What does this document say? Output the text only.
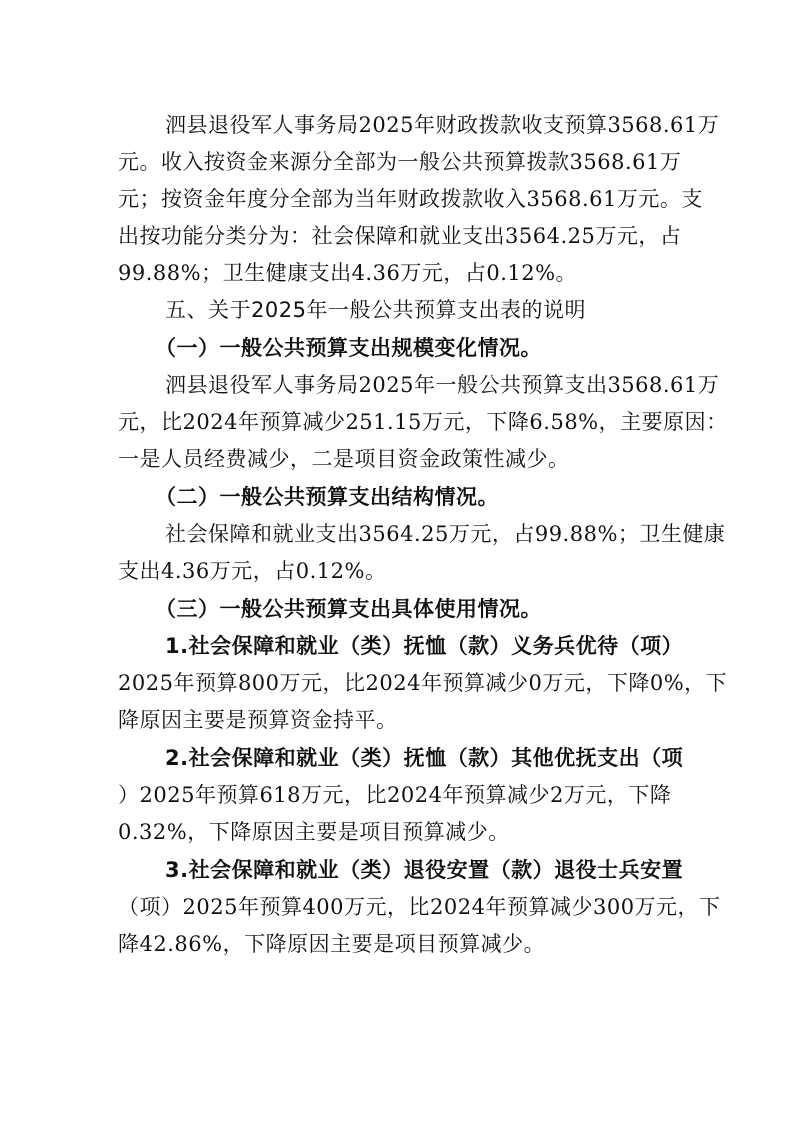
泗县退役军人事务局2025年财政拨款收支预算3568.61万
元。收入按资金来源分全部为一般公共预算拨款3568.61万
元；按资金年度分全部为当年财政拨款收入3568.61万元。支
出按功能分类分为：社会保障和就业支出3564.25万元，占
99.88%；卫生健康支出4.36万元，占0.12%。
五、关于2025年一般公共预算支出表的说明
（一）一般公共预算支出规模变化情况。
泗县退役军人事务局2025年一般公共预算支出3568.61万
元，比2024年预算减少251.15万元，下降6.58%，主要原因：
一是人员经费减少，二是项目资金政策性减少。
（二）一般公共预算支出结构情况。
社会保障和就业支出3564.25万元，占99.88%；卫生健康
支出4.36万元，占0.12%。
（三）一般公共预算支出具体使用情况。
1.社会保障和就业（类）抚恤（款）义务兵优待（项）
2025年预算800万元，比2024年预算减少0万元，下降0%，下
降原因主要是预算资金持平。
2.社会保障和就业（类）抚恤（款）其他优抚支出（项
）2025年预算618万元，比2024年预算减少2万元，下降
0.32%，下降原因主要是项目预算减少。
3.社会保障和就业（类）退役安置（款）退役士兵安置
（项）2025年预算400万元，比2024年预算减少300万元，下
降42.86%，下降原因主要是项目预算减少。
